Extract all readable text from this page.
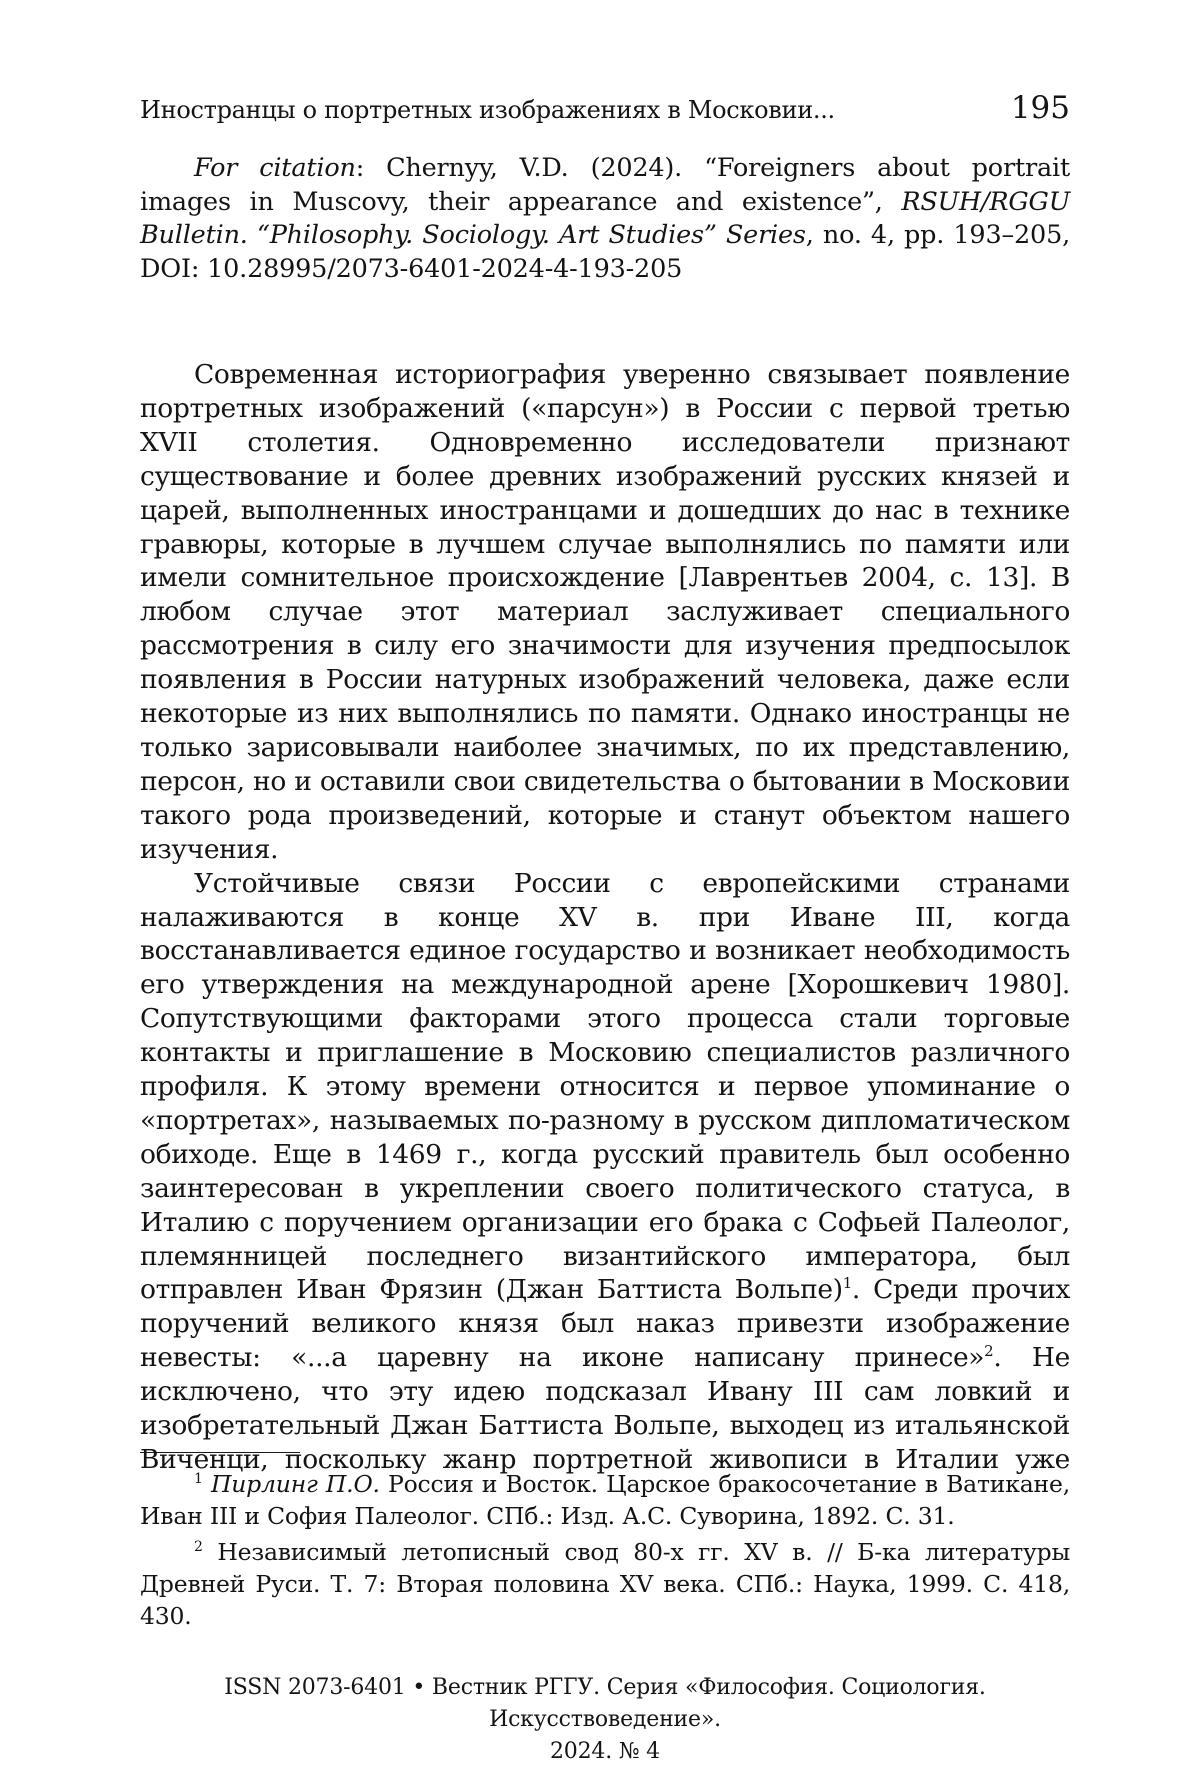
Иностранцы о портретных изображениях в Московии...	195
For citation: Chernyy, V.D. (2024). “Foreigners about portrait images in Muscovy, their appearance and existence”, RSUH/RGGU Bulletin. “Philosophy. Sociology. Art Studies” Series, no. 4, pp. 193–205, DOI: 10.28995/2073-6401-2024-4-193-205

Современная историография уверенно связывает появление портретных изображений («парсун») в России с первой третью XVII столетия. Одновременно исследователи признают существование и более древних изображений русских князей и царей, выполненных иностранцами и дошедших до нас в технике гравюры, которые в лучшем случае выполнялись по памяти или имели сомнительное происхождение [Лаврентьев 2004, с. 13]. В любом случае этот материал заслуживает специального рассмотрения в силу его значимости для изучения предпосылок появления в России натурных изображений человека, даже если некоторые из них выполнялись по памяти. Однако иностранцы не только зарисовывали наиболее значимых, по их представлению, персон, но и оставили свои свидетельства о бытовании в Московии такого рода произведений, которые и станут объектом нашего изучения.

Устойчивые связи России с европейскими странами налаживаются в конце XV в. при Иване III, когда восстанавливается единое государство и возникает необходимость его утверждения на международной арене [Хорошкевич 1980]. Сопутствующими факторами этого процесса стали торговые контакты и приглашение в Московию специалистов различного профиля. К этому времени относится и первое упоминание о «портретах», называемых по-разному в русском дипломатическом обиходе. Еще в 1469 г., когда русский правитель был особенно заинтересован в укреплении своего политического статуса, в Италию с поручением организации его брака с Софьей Палеолог, племянницей последнего византийского императора, был отправлен Иван Фрязин (Джан Баттиста Вольпе)1. Среди прочих поручений великого князя был наказ привезти изображение невесты: «...а царевну на иконе написану принесе»2. Не исключено, что эту идею подсказал Ивану III сам ловкий и изобретательный Джан Баттиста Вольпе, выходец из итальянской Виченци, поскольку жанр портретной живописи в Италии уже

1 Пирлинг П.О. Россия и Восток. Царское бракосочетание в Ватикане, Иван III и София Палеолог. СПб.: Изд. А.С. Суворина, 1892. С. 31.

2 Независимый летописный свод 80-х гг. XV в. // Б-ка литературы Древней Руси. Т. 7: Вторая половина XV века. СПб.: Наука, 1999. С. 418, 430.

ISSN 2073-6401 • Вестник РГГУ. Серия «Философия. Социология. Искусствоведение».
2024. № 4
